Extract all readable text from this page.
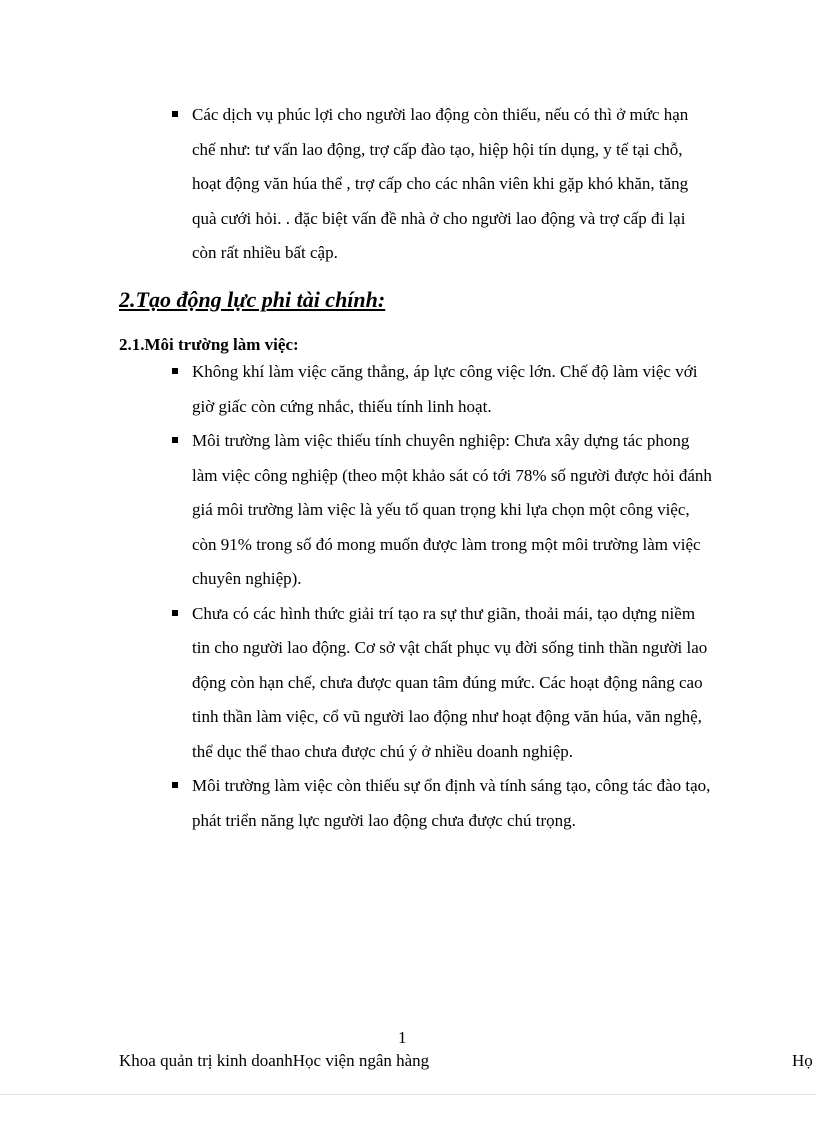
Các dịch vụ phúc lợi cho người lao động còn thiếu, nếu có thì ở mức hạn chế như: tư vấn lao động, trợ cấp đào tạo, hiệp hội tín dụng, y tế tại chỗ, hoạt động văn húa thể , trợ cấp cho các nhân viên khi gặp khó khăn, tăng quà cưới hỏi. . đặc biệt vấn đề nhà ở cho người lao động và trợ cấp đi lại còn rất nhiều bất cập.
2.Tạo động lực phi tài chính:
2.1.Môi trường làm việc:
Không khí làm việc căng thẳng, áp lực công việc lớn. Chế độ làm việc với giờ giấc còn cứng nhắc, thiếu tính linh hoạt.
Môi trường làm việc thiếu tính chuyên nghiệp: Chưa xây dựng tác phong làm việc công nghiệp (theo một khảo sát có tới 78% số người được hỏi đánh giá môi trường làm việc là yếu tố quan trọng khi lựa chọn một công việc, còn 91% trong số đó mong muốn được làm trong một môi trường làm việc chuyên nghiệp).
Chưa có các hình thức giải trí tạo ra sự thư giãn, thoải mái, tạo dựng niềm tin cho người lao động. Cơ sở vật chất phục vụ đời sống tinh thần người lao động còn hạn chế, chưa được quan tâm đúng mức. Các hoạt động nâng cao tinh thần làm việc, cổ vũ người lao động như hoạt động văn húa, văn nghệ, thể dục thể thao chưa được chú ý ở nhiều doanh nghiệp.
Môi trường làm việc còn thiếu sự ổn định và tính sáng tạo, công tác đào tạo, phát triển năng lực người lao động chưa được chú trọng.
1
Khoa quản trị kinh doanhHọc viện ngân hàng	Họ
